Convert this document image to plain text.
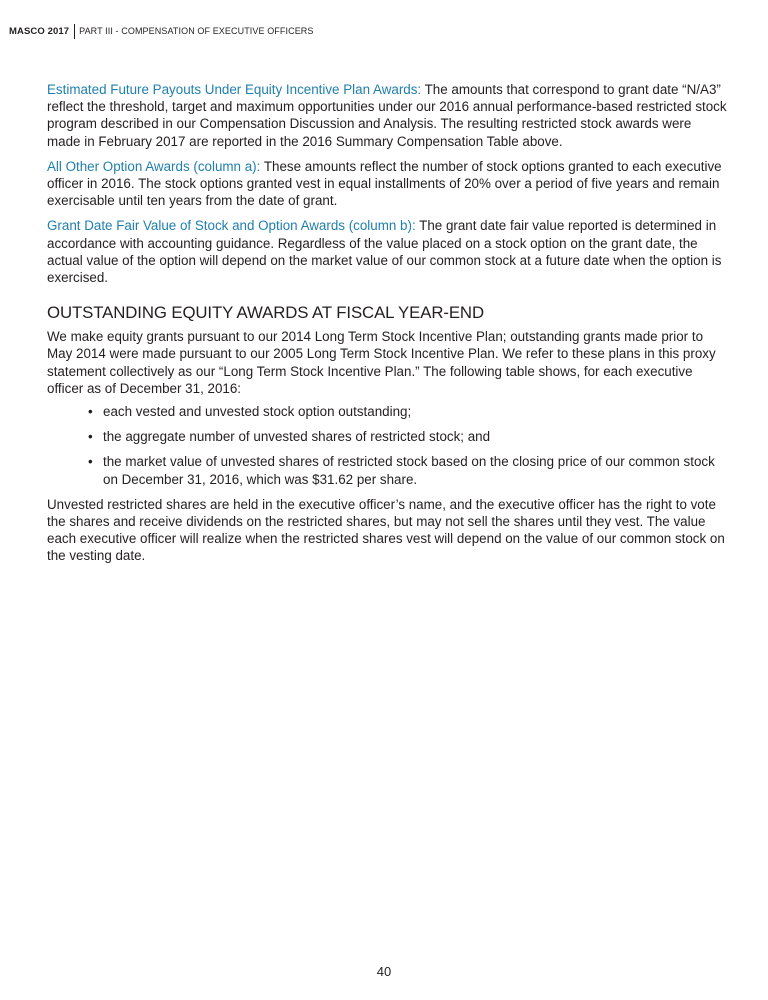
MASCO 2017 PART III - COMPENSATION OF EXECUTIVE OFFICERS

Estimated Future Payouts Under Equity Incentive Plan Awards: The amounts that correspond to grant date “N/A3” reflect the threshold, target and maximum opportunities under our 2016 annual performance-based restricted stock program described in our Compensation Discussion and Analysis. The resulting restricted stock awards were made in February 2017 are reported in the 2016 Summary Compensation Table above.

All Other Option Awards (column a): These amounts reflect the number of stock options granted to each executive officer in 2016. The stock options granted vest in equal installments of 20% over a period of five years and remain exercisable until ten years from the date of grant.

Grant Date Fair Value of Stock and Option Awards (column b): The grant date fair value reported is determined in accordance with accounting guidance. Regardless of the value placed on a stock option on the grant date, the actual value of the option will depend on the market value of our common stock at a future date when the option is exercised.

OUTSTANDING EQUITY AWARDS AT FISCAL YEAR-END

We make equity grants pursuant to our 2014 Long Term Stock Incentive Plan; outstanding grants made prior to May 2014 were made pursuant to our 2005 Long Term Stock Incentive Plan. We refer to these plans in this proxy statement collectively as our “Long Term Stock Incentive Plan.” The following table shows, for each executive officer as of December 31, 2016:

• each vested and unvested stock option outstanding;
• the aggregate number of unvested shares of restricted stock; and
• the market value of unvested shares of restricted stock based on the closing price of our common stock on December 31, 2016, which was $31.62 per share.

Unvested restricted shares are held in the executive officer’s name, and the executive officer has the right to vote the shares and receive dividends on the restricted shares, but may not sell the shares until they vest. The value each executive officer will realize when the restricted shares vest will depend on the value of our common stock on the vesting date.

40
